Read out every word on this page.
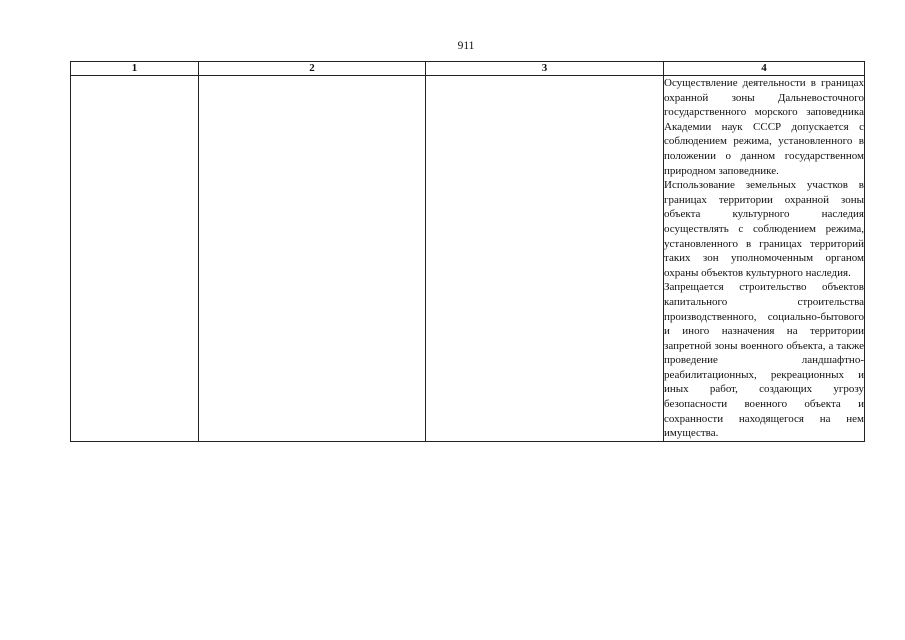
911
1	2	3	4

			Осуществление деятельности в границах охранной зоны Дальневосточного государственного морского заповедника Академии наук СССР допускается с соблюдением режима, установленного в положении о данном государственном природном заповеднике.

Использование земельных участков в границах территории охранной зоны объекта культурного наследия осуществлять с соблюдением режима, установленного в границах территорий таких зон уполномоченным органом охраны объектов культурного наследия.

Запрещается строительство объектов капитального строительства производственного, социально-бытового и иного назначения на территории запретной зоны военного объекта, а также проведение ландшафтно-реабилитационных, рекреационных и иных работ, создающих угрозу безопасности военного объекта и сохранности находящегося на нем имущества.
